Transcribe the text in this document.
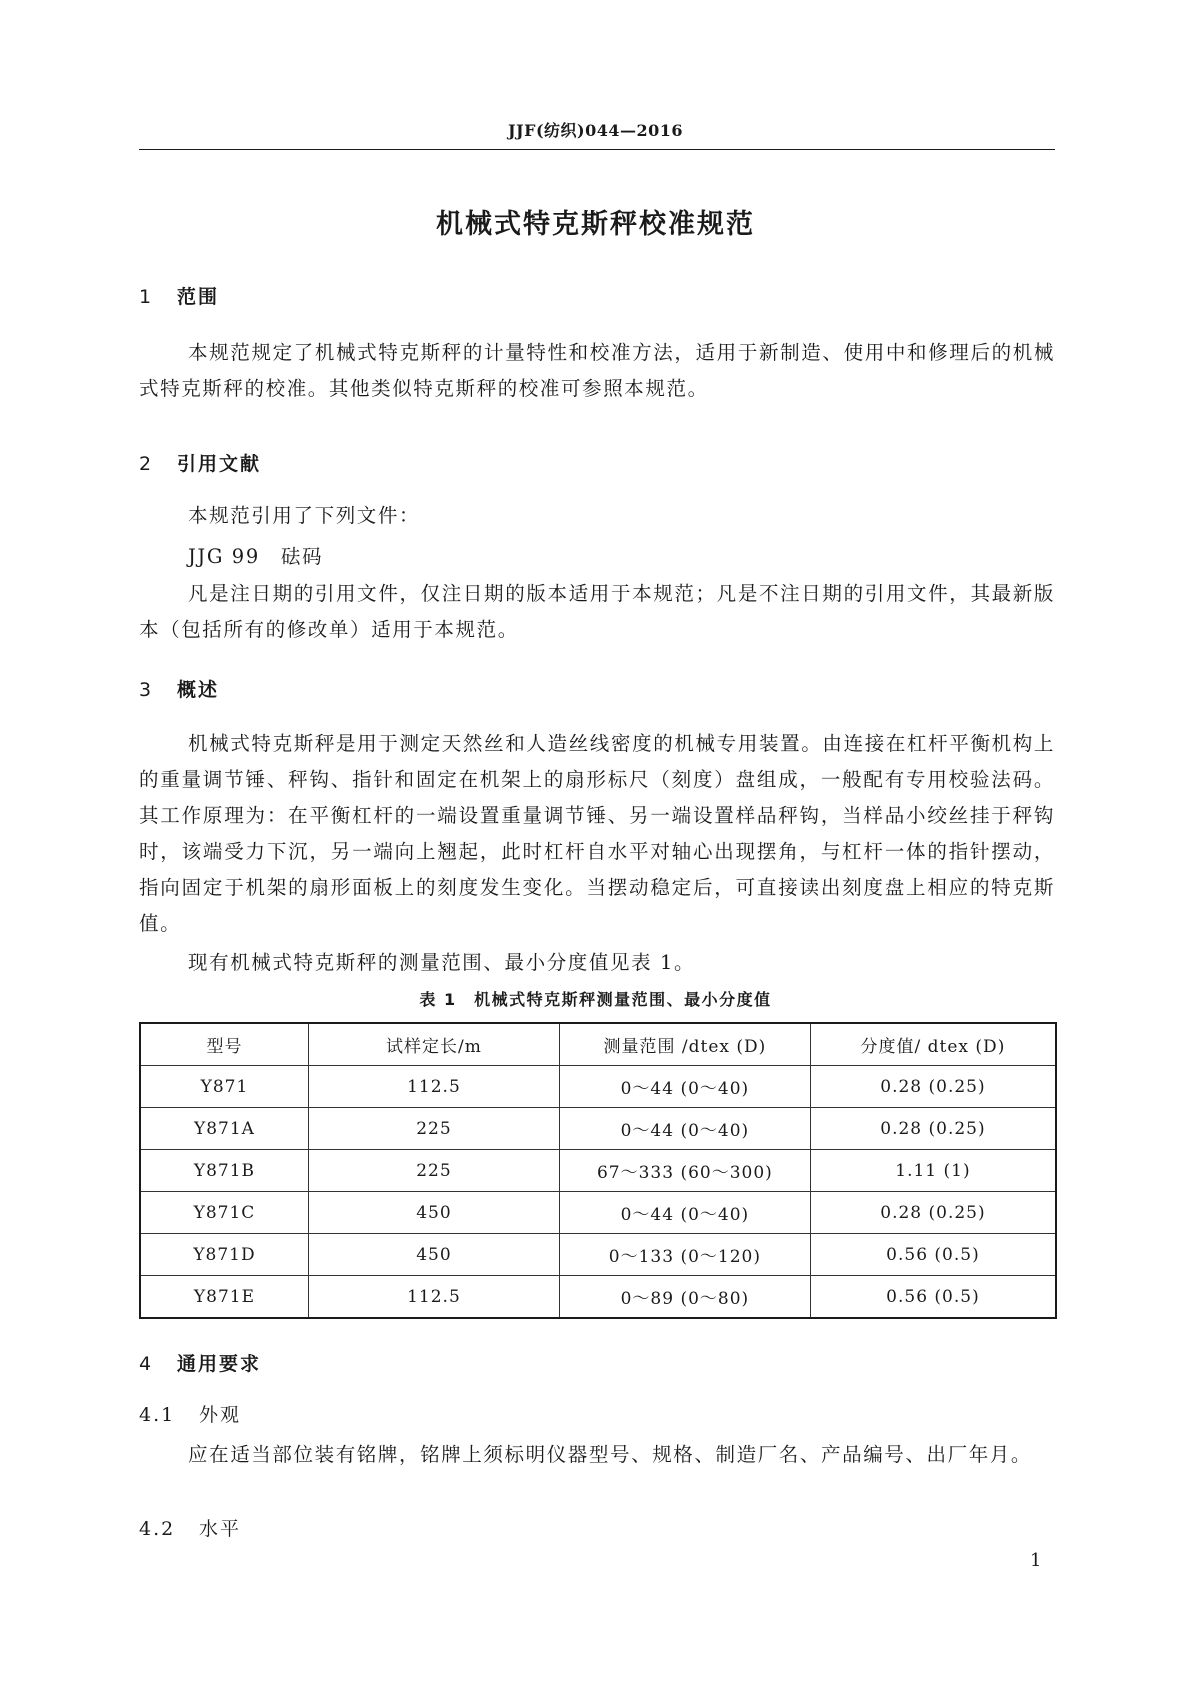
JJF(纺织)044—2016
机械式特克斯秤校准规范
1 范围
本规范规定了机械式特克斯秤的计量特性和校准方法，适用于新制造、使用中和修理后的机械式特克斯秤的校准。其他类似特克斯秤的校准可参照本规范。
2 引用文献
本规范引用了下列文件：
JJG 99　砝码
凡是注日期的引用文件，仅注日期的版本适用于本规范；凡是不注日期的引用文件，其最新版本（包括所有的修改单）适用于本规范。
3 概述
机械式特克斯秤是用于测定天然丝和人造丝线密度的机械专用装置。由连接在杠杆平衡机构上的重量调节锤、秤钩、指针和固定在机架上的扇形标尺（刻度）盘组成，一般配有专用校验法码。其工作原理为：在平衡杠杆的一端设置重量调节锤、另一端设置样品秤钩，当样品小绞丝挂于秤钩时，该端受力下沉，另一端向上翘起，此时杠杆自水平对轴心出现摆角，与杠杆一体的指针摆动，指向固定于机架的扇形面板上的刻度发生变化。当摆动稳定后，可直接读出刻度盘上相应的特克斯值。
现有机械式特克斯秤的测量范围、最小分度值见表 1。
表 1　机械式特克斯秤测量范围、最小分度值
型号	试样定长/m	测量范围 /dtex (D)	分度值/ dtex (D)
Y871	112.5	0～44 (0～40)	0.28 (0.25)
Y871A	225	0～44 (0～40)	0.28 (0.25)
Y871B	225	67～333 (60～300)	1.11 (1)
Y871C	450	0～44 (0～40)	0.28 (0.25)
Y871D	450	0～133 (0～120)	0.56 (0.5)
Y871E	112.5	0～89 (0～80)	0.56 (0.5)
4 通用要求
4.1 外观
应在适当部位装有铭牌，铭牌上须标明仪器型号、规格、制造厂名、产品编号、出厂年月。
4.2 水平
1
